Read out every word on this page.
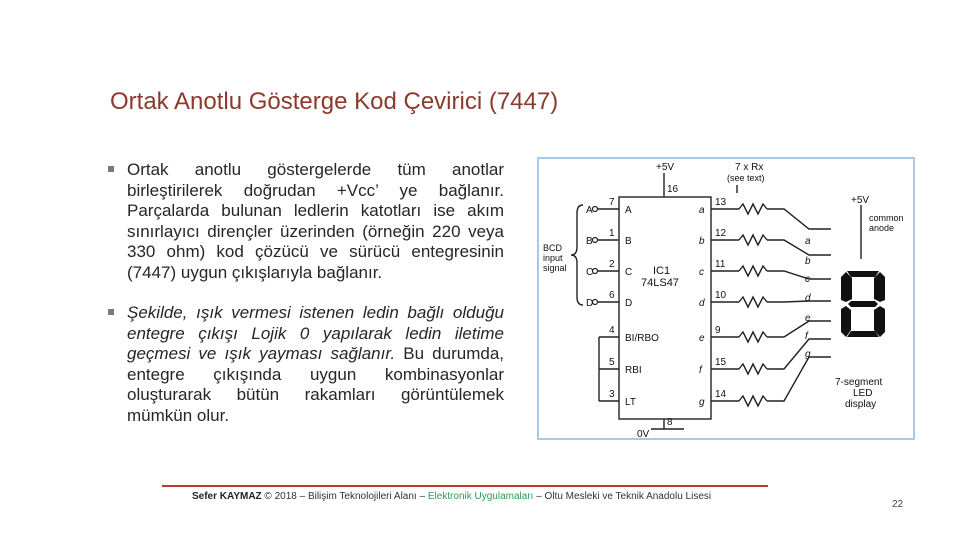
Ortak Anotlu Gösterge Kod Çevirici (7447)
Ortak anotlu göstergelerde tüm anotlar birleştirilerek doğrudan +Vcc’ ye bağlanır. Parçalarda bulunan ledlerin katotları ise akım sınırlayıcı dirençler üzerinden (örneğin 220 veya 330 ohm) kod çözücü ve sürücü entegresinin (7447) uygun çıkışlarıyla bağlanır.
Şekilde, ışık vermesi istenen ledin bağlı olduğu entegre çıkışı Lojik 0 yapılarak ledin iletime geçmesi ve ışık yayması sağlanır. Bu durumda, entegre çıkışında uygun kombinasyonlar oluşturarak bütün rakamları görüntülemek mümkün olur.
+5V
16
7 x Rx
(see text)
+5V
common
anode
BCD
input
signal
A
7
A
B
1
B
C
2
C
D
6
D
IC1
74LS47
BI/RBO
4
RBI
5
LT
3
8
0V
a
b
c
d
e
f
g
13
12
11
10
9
15
14
a
b
c
d
e
f
g
7-segment
LED
display
Sefer KAYMAZ © 2018 – Bilişim Teknolojileri Alanı – Elektronik Uygulamaları – Oltu Mesleki ve Teknik Anadolu Lisesi
22
